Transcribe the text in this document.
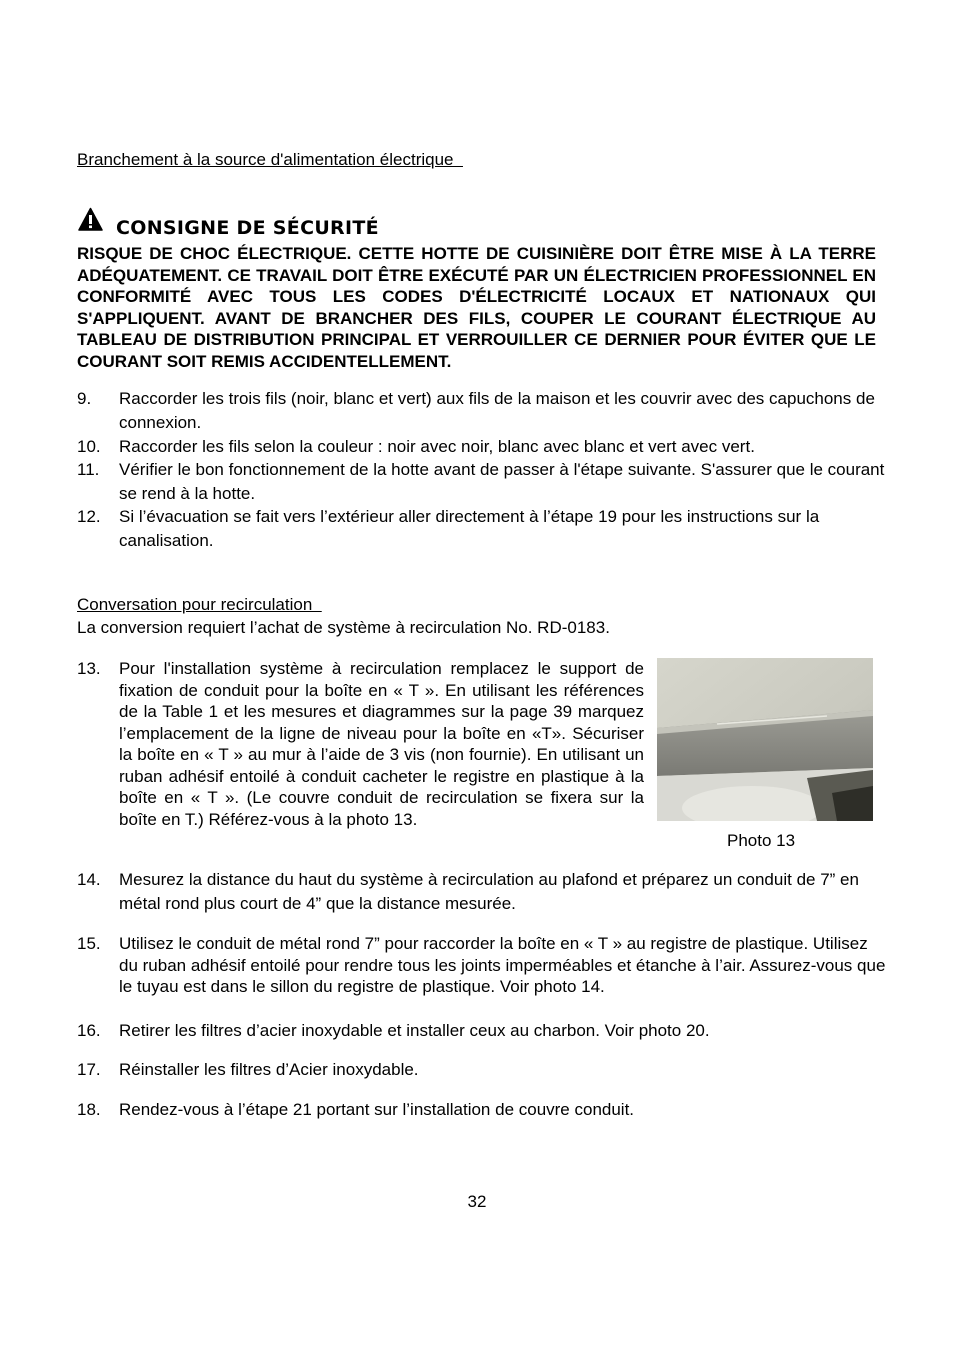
Branchement à la source d'alimentation électrique
CONSIGNE DE SÉCURITÉ
RISQUE DE CHOC ÉLECTRIQUE. CETTE HOTTE DE CUISINIÈRE DOIT ÊTRE MISE À LA TERRE ADÉQUATEMENT. CE TRAVAIL DOIT ÊTRE EXÉCUTÉ PAR UN ÉLECTRICIEN PROFESSIONNEL EN CONFORMITÉ AVEC TOUS LES CODES D'ÉLECTRICITÉ LOCAUX ET NATIONAUX QUI S'APPLIQUENT. AVANT DE BRANCHER DES FILS, COUPER LE COURANT ÉLECTRIQUE AU TABLEAU DE DISTRIBUTION PRINCIPAL ET VERROUILLER CE DERNIER POUR ÉVITER QUE LE COURANT SOIT REMIS ACCIDENTELLEMENT.
9. Raccorder les trois fils (noir, blanc et vert) aux fils de la maison et les couvrir avec des capuchons de connexion.
10. Raccorder les fils selon la couleur : noir avec noir, blanc avec blanc et vert avec vert.
11. Vérifier le bon fonctionnement de la hotte avant de passer à l'étape suivante. S'assurer que le courant se rend à la hotte.
12. Si l’évacuation se fait vers l’extérieur aller directement à l’étape 19 pour les instructions sur la canalisation.
Conversation pour recirculation
La conversion requiert l’achat de système à recirculation No. RD-0183.
13. Pour l'installation système à recirculation remplacez le support de fixation de conduit pour la boîte en « T ». En utilisant les références de la Table 1 et les mesures et diagrammes sur la page 39 marquez l’emplacement de la ligne de niveau pour la boîte en «T». Sécuriser la boîte en « T » au mur à l’aide de 3 vis (non fournie). En utilisant un ruban adhésif entoilé à conduit cacheter le registre en plastique à la boîte en « T ». (Le couvre conduit de recirculation se fixera sur la boîte en T.) Référez-vous à la photo 13.
Photo 13
14. Mesurez la distance du haut du système à recirculation au plafond et préparez un conduit de 7” en métal rond plus court de 4” que la distance mesurée.
15. Utilisez le conduit de métal rond 7” pour raccorder la boîte en « T » au registre de plastique. Utilisez du ruban adhésif entoilé pour rendre tous les joints imperméables et étanche à l’air. Assurez-vous que le tuyau est dans le sillon du registre de plastique. Voir photo 14.
16. Retirer les filtres d’acier inoxydable et installer ceux au charbon. Voir photo 20.
17. Réinstaller les filtres d’Acier inoxydable.
18. Rendez-vous à l’étape 21 portant sur l’installation de couvre conduit.
32
